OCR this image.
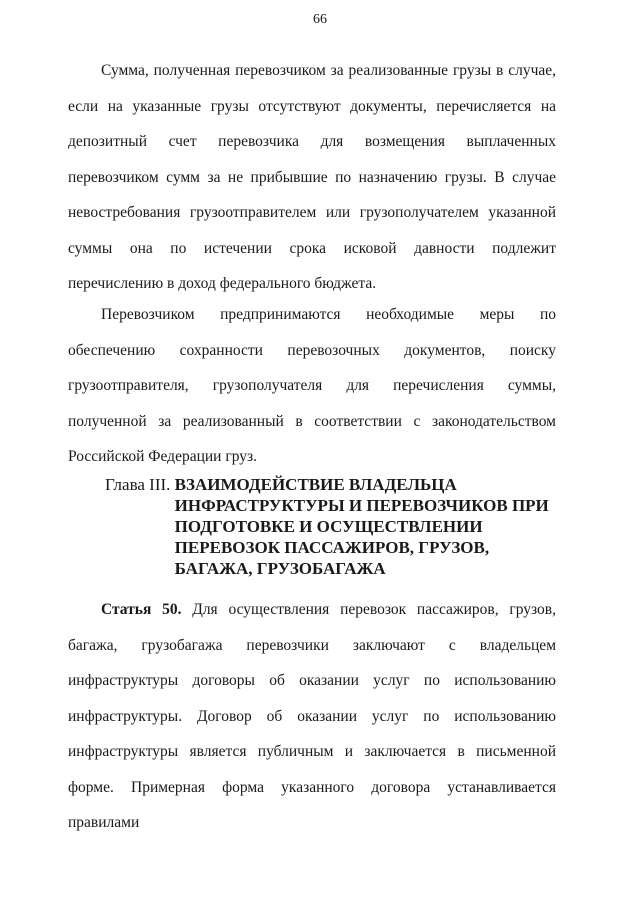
66

Сумма, полученная перевозчиком за реализованные грузы в случае, если на указанные грузы отсутствуют документы, перечисляется на депозитный счет перевозчика для возмещения выплаченных перевозчиком сумм за не прибывшие по назначению грузы. В случае невостребования грузоотправителем или грузополучателем указанной суммы она по истечении срока исковой давности подлежит перечислению в доход федерального бюджета.

Перевозчиком предпринимаются необходимые меры по обеспечению сохранности перевозочных документов, поиску грузоотправителя, грузополучателя для перечисления суммы, полученной за реализованный в соответствии с законодательством Российской Федерации груз.

Глава III. ВЗАИМОДЕЙСТВИЕ ВЛАДЕЛЬЦА ИНФРАСТРУКТУРЫ И ПЕРЕВОЗЧИКОВ ПРИ ПОДГОТОВКЕ И ОСУЩЕСТВЛЕНИИ ПЕРЕВОЗОК ПАССАЖИРОВ, ГРУЗОВ, БАГАЖА, ГРУЗОБАГАЖА

Статья 50. Для осуществления перевозок пассажиров, грузов, багажа, грузобагажа перевозчики заключают с владельцем инфраструктуры договоры об оказании услуг по использованию инфраструктуры. Договор об оказании услуг по использованию инфраструктуры является публичным и заключается в письменной форме. Примерная форма указанного договора устанавливается правилами
